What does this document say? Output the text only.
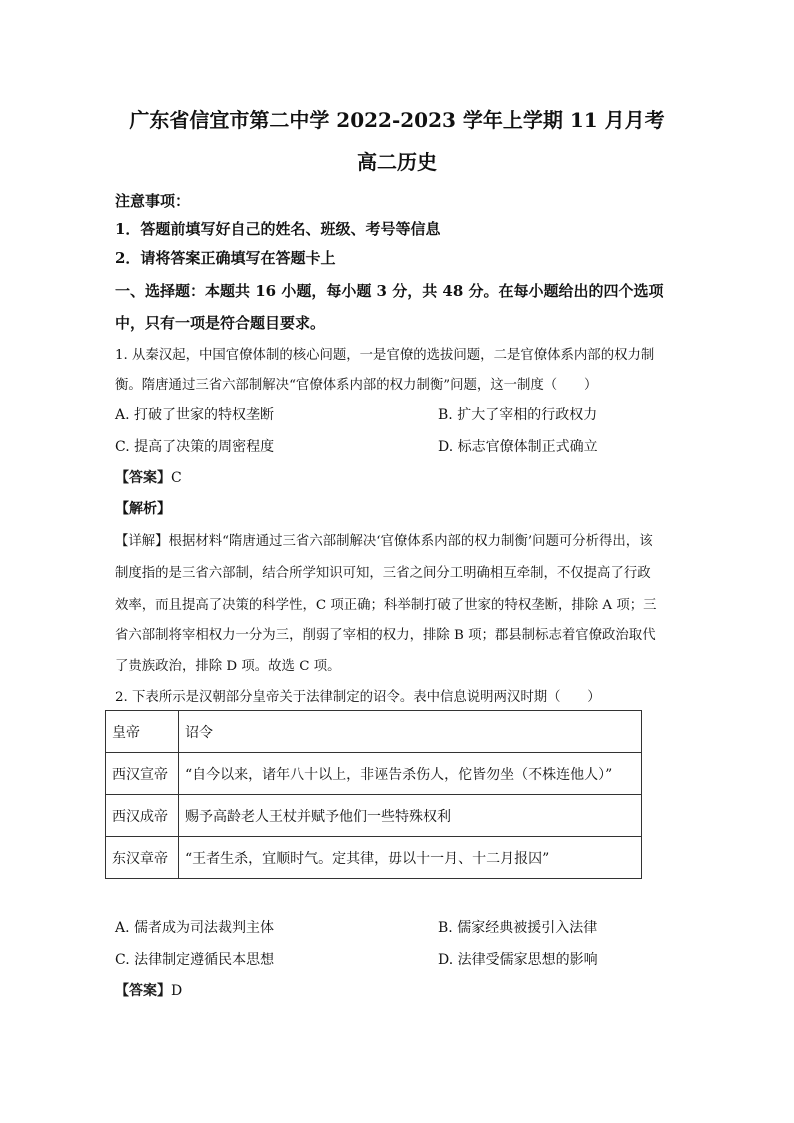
广东省信宜市第二中学 2022-2023 学年上学期 11 月月考
高二历史
注意事项：
1．答题前填写好自己的姓名、班级、考号等信息
2．请将答案正确填写在答题卡上
一、选择题：本题共 16 小题，每小题 3 分，共 48 分。在每小题给出的四个选项
中，只有一项是符合题目要求。
1. 从秦汉起，中国官僚体制的核心问题，一是官僚的选拔问题，二是官僚体系内部的权力制
衡。隋唐通过三省六部制解决“官僚体系内部的权力制衡”问题，这一制度（　　）
A. 打破了世家的特权垄断	B. 扩大了宰相的行政权力
C. 提高了决策的周密程度	D. 标志官僚体制正式确立
【答案】C
【解析】
【详解】根据材料“隋唐通过三省六部制解决‘官僚体系内部的权力制衡’问题可分析得出，该
制度指的是三省六部制，结合所学知识可知，三省之间分工明确相互牵制，不仅提高了行政
效率，而且提高了决策的科学性，C 项正确；科举制打破了世家的特权垄断，排除 A 项；三
省六部制将宰相权力一分为三，削弱了宰相的权力，排除 B 项；郡县制标志着官僚政治取代
了贵族政治，排除 D 项。故选 C 项。
2. 下表所示是汉朝部分皇帝关于法律制定的诏令。表中信息说明两汉时期（　　）
皇帝	诏令
西汉宣帝	“自今以来，诸年八十以上，非诬告杀伤人，佗皆勿坐（不株连他人）”
西汉成帝	赐予高龄老人王杖并赋予他们一些特殊权利
东汉章帝	“王者生杀，宜顺时气。定其律，毋以十一月、十二月报囚”
A. 儒者成为司法裁判主体	B. 儒家经典被援引入法律
C. 法律制定遵循民本思想	D. 法律受儒家思想的影响
【答案】D
